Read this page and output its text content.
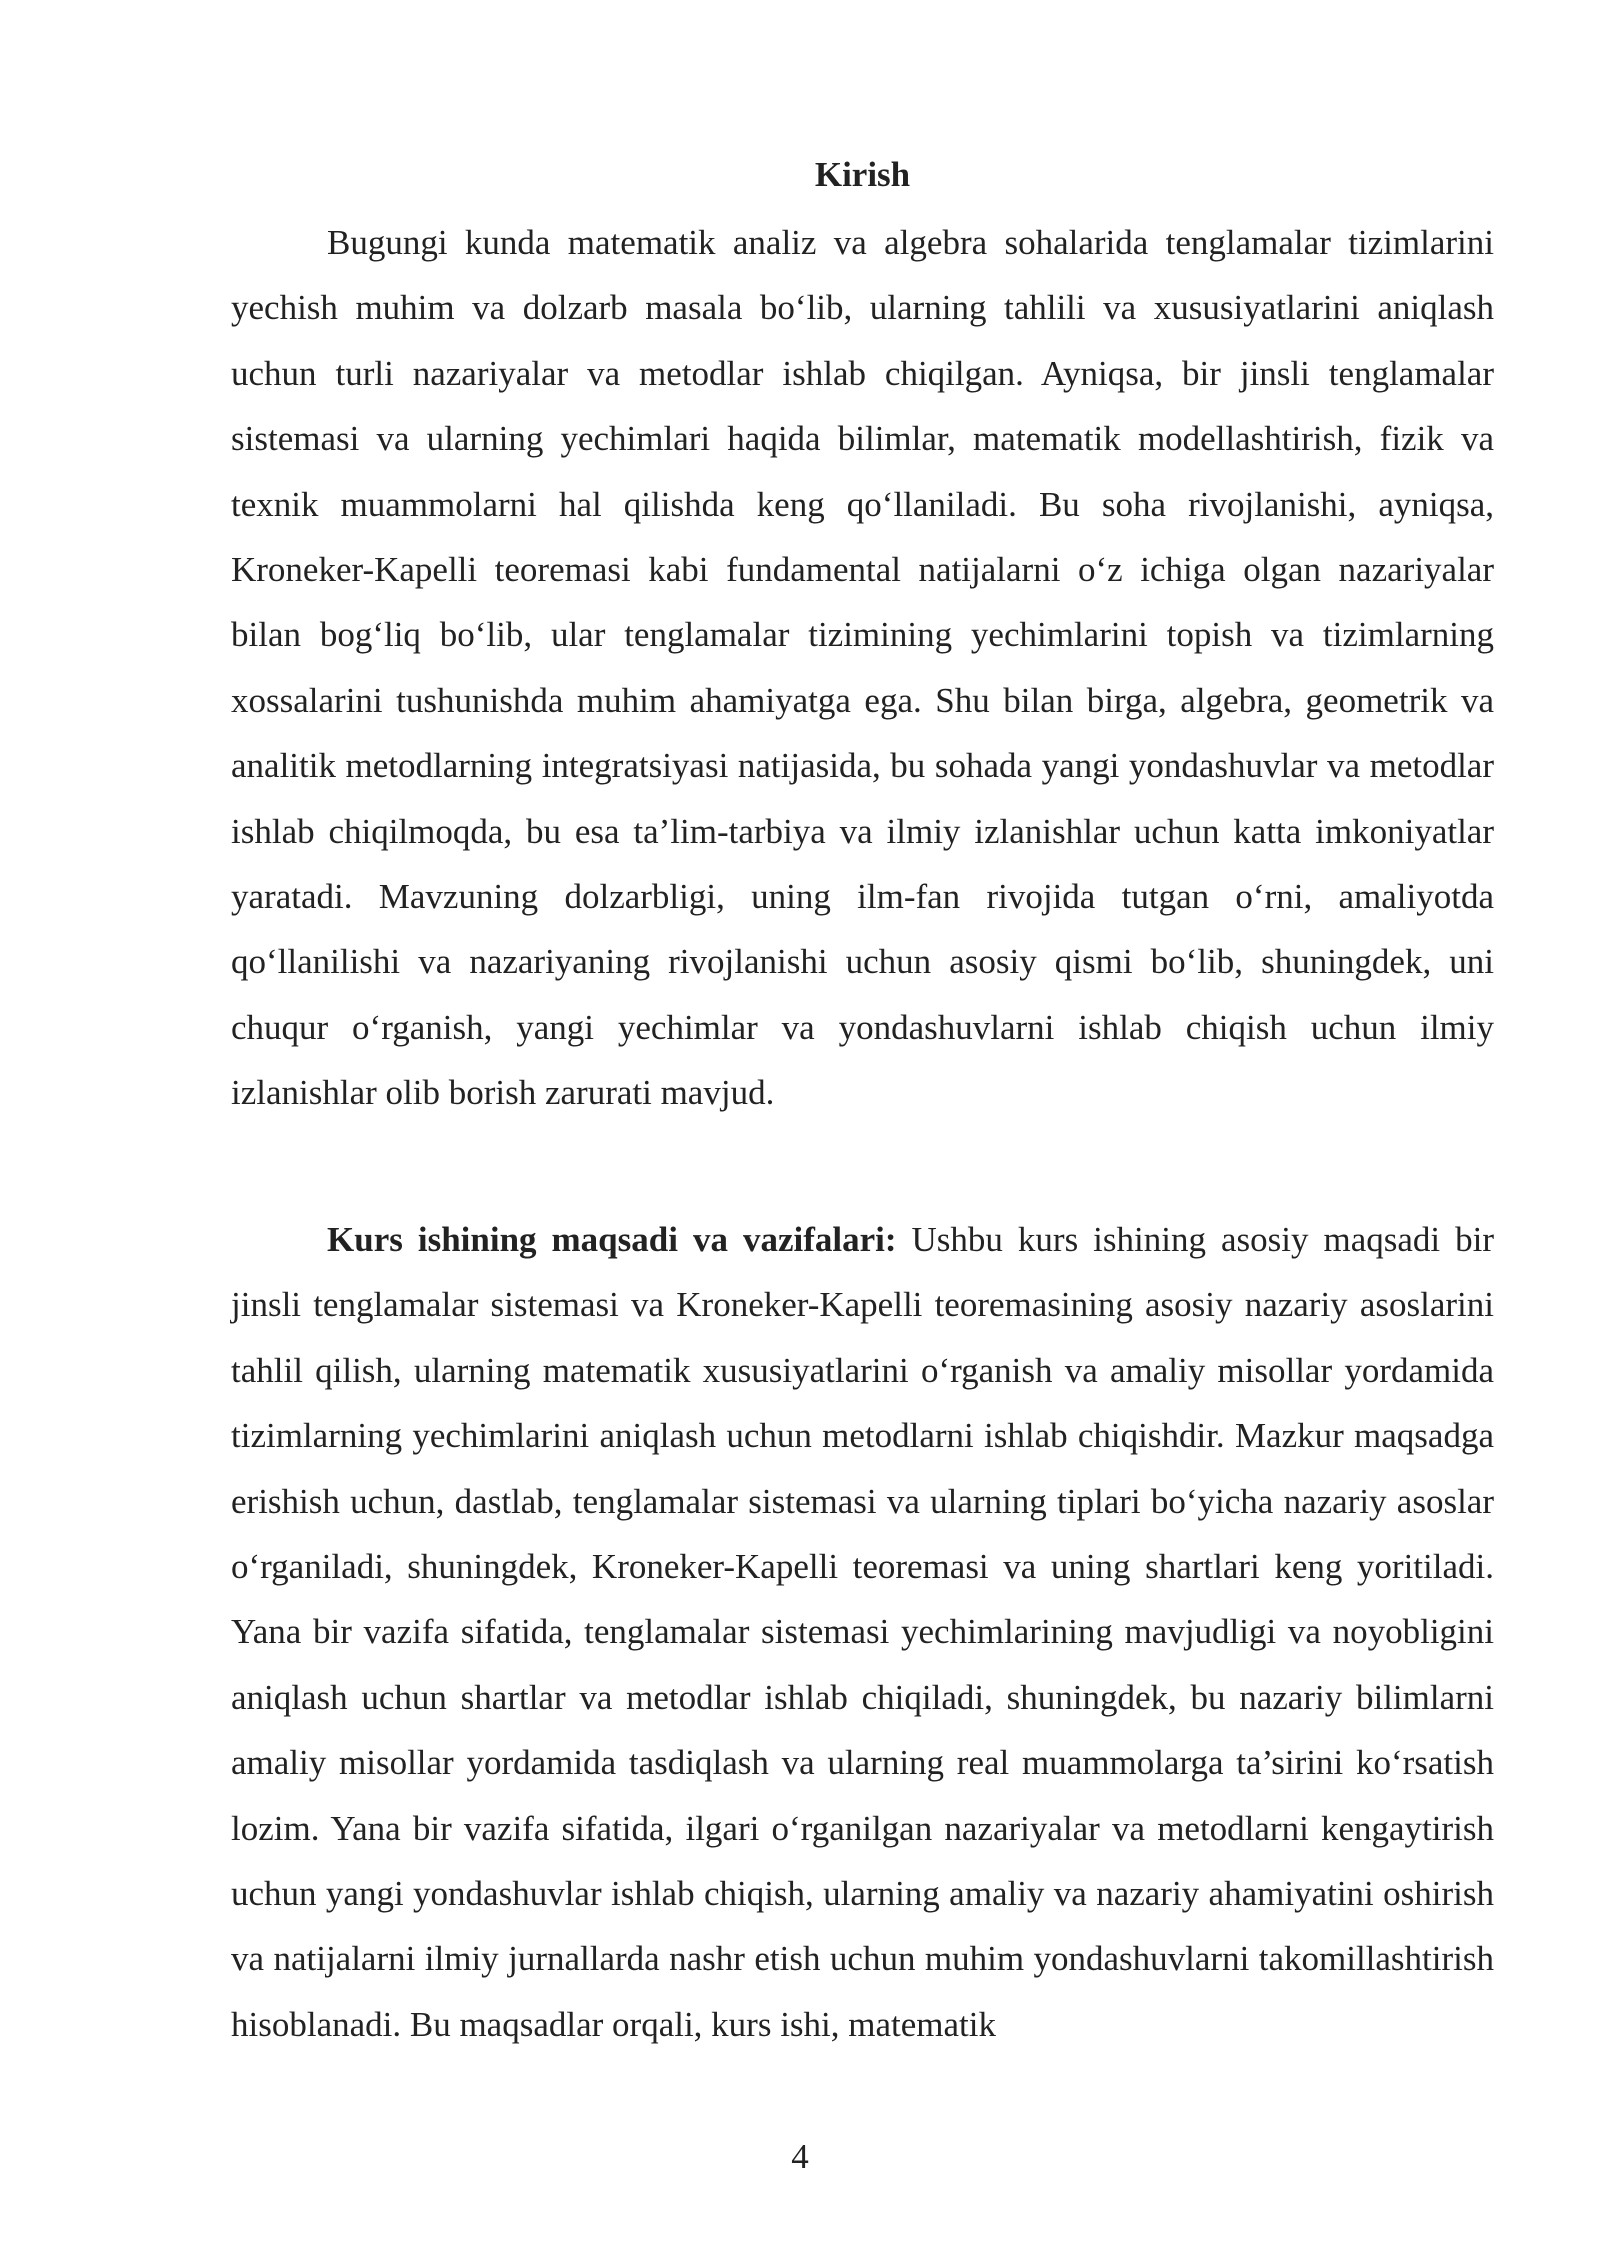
Kirish

Bugungi kunda matematik analiz va algebra sohalarida tenglamalar tizimlarini yechish muhim va dolzarb masala bo‘lib, ularning tahlili va xususiyatlarini aniqlash uchun turli nazariyalar va metodlar ishlab chiqilgan. Ayniqsa, bir jinsli tenglamalar sistemasi va ularning yechimlari haqida bilimlar, matematik modellashtirish, fizik va texnik muammolarni hal qilishda keng qo‘llaniladi. Bu soha rivojlanishi, ayniqsa, Kroneker-Kapelli teoremasi kabi fundamental natijalarni o‘z ichiga olgan nazariyalar bilan bog‘liq bo‘lib, ular tenglamalar tizimining yechimlarini topish va tizimlarning xossalarini tushunishda muhim ahamiyatga ega. Shu bilan birga, algebra, geometrik va analitik metodlarning integratsiyasi natijasida, bu sohada yangi yondashuvlar va metodlar ishlab chiqilmoqda, bu esa ta’lim-tarbiya va ilmiy izlanishlar uchun katta imkoniyatlar yaratadi. Mavzuning dolzarbligi, uning ilm-fan rivojida tutgan o‘rni, amaliyotda qo‘llanilishi va nazariyaning rivojlanishi uchun asosiy qismi bo‘lib, shuningdek, uni chuqur o‘rganish, yangi yechimlar va yondashuvlarni ishlab chiqish uchun ilmiy izlanishlar olib borish zarurati mavjud.

Kurs ishining maqsadi va vazifalari: Ushbu kurs ishining asosiy maqsadi bir jinsli tenglamalar sistemasi va Kroneker-Kapelli teoremasining asosiy nazariy asoslarini tahlil qilish, ularning matematik xususiyatlarini o‘rganish va amaliy misollar yordamida tizimlarning yechimlarini aniqlash uchun metodlarni ishlab chiqishdir. Mazkur maqsadga erishish uchun, dastlab, tenglamalar sistemasi va ularning tiplari bo‘yicha nazariy asoslar o‘rganiladi, shuningdek, Kroneker-Kapelli teoremasi va uning shartlari keng yoritiladi. Yana bir vazifa sifatida, tenglamalar sistemasi yechimlarining mavjudligi va noyobligini aniqlash uchun shartlar va metodlar ishlab chiqiladi, shuningdek, bu nazariy bilimlarni amaliy misollar yordamida tasdiqlash va ularning real muammolarga ta’sirini ko‘rsatish lozim. Yana bir vazifa sifatida, ilgari o‘rganilgan nazariyalar va metodlarni kengaytirish uchun yangi yondashuvlar ishlab chiqish, ularning amaliy va nazariy ahamiyatini oshirish va natijalarni ilmiy jurnallarda nashr etish uchun muhim yondashuvlarni takomillashtirish hisoblanadi. Bu maqsadlar orqali, kurs ishi, matematik

4
